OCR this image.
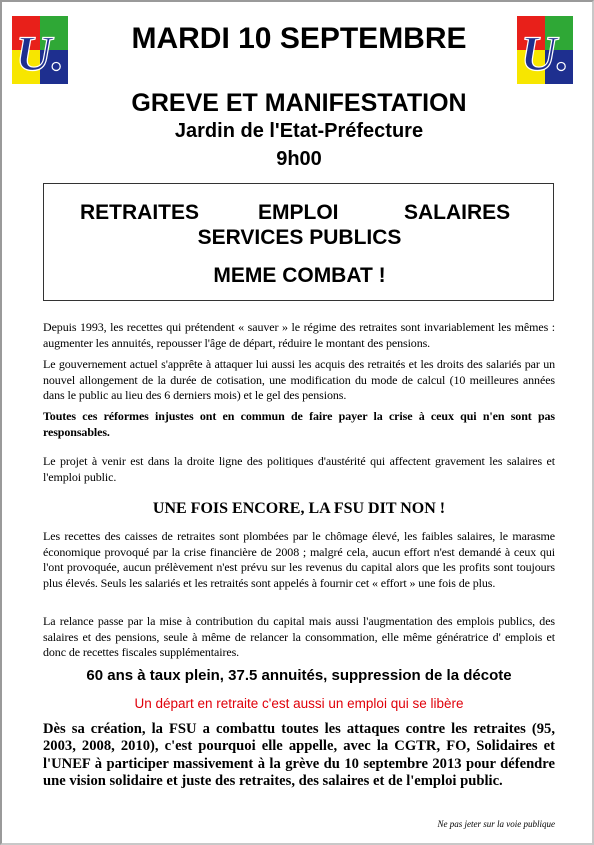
U.	U.
MARDI 10 SEPTEMBRE
GREVE ET MANIFESTATION
Jardin de l'Etat-Préfecture
9h00
RETRAITES	EMPLOI	SALAIRES
SERVICES PUBLICS
MEME COMBAT !

Depuis 1993, les recettes qui prétendent « sauver » le régime des retraites sont invariablement les mêmes : augmenter les annuités, repousser l'âge de départ, réduire le montant des pensions.

Le gouvernement actuel s'apprête à attaquer lui aussi les acquis des retraités et les droits des salariés par un nouvel allongement de la durée de cotisation, une modification du mode de calcul (10 meilleures années dans le public au lieu des 6 derniers mois) et le gel des pensions.

Toutes ces réformes injustes ont en commun de faire payer la crise à ceux qui n'en sont pas responsables.

Le projet à venir est dans la droite ligne des politiques d'austérité qui affectent gravement les salaires et l'emploi public.

UNE FOIS ENCORE, LA FSU DIT NON !

Les recettes des caisses de retraites sont plombées par le chômage élevé, les faibles salaires, le marasme économique provoqué par la crise financière de 2008 ; malgré cela, aucun effort n'est demandé à ceux qui l'ont provoquée, aucun prélèvement n'est prévu sur les revenus du capital alors que les profits sont toujours plus élevés. Seuls les salariés et les retraités sont appelés à fournir cet « effort » une fois de plus.

La relance passe par la mise à contribution du capital mais aussi l'augmentation des emplois publics, des salaires et des pensions, seule à même de relancer la consommation, elle même génératrice d' emplois et donc de recettes fiscales supplémentaires.

60 ans à taux plein, 37.5 annuités, suppression de la décote
Un départ en retraite c'est aussi un emploi qui se libère

Dès sa création, la FSU a combattu toutes les attaques contre les retraites (95, 2003, 2008, 2010), c'est pourquoi elle appelle, avec la CGTR, FO, Solidaires et l'UNEF à participer massivement à la grève du 10 septembre 2013 pour défendre une vision solidaire et juste des retraites, des salaires et de l'emploi public.

Ne pas jeter sur la voie publique
